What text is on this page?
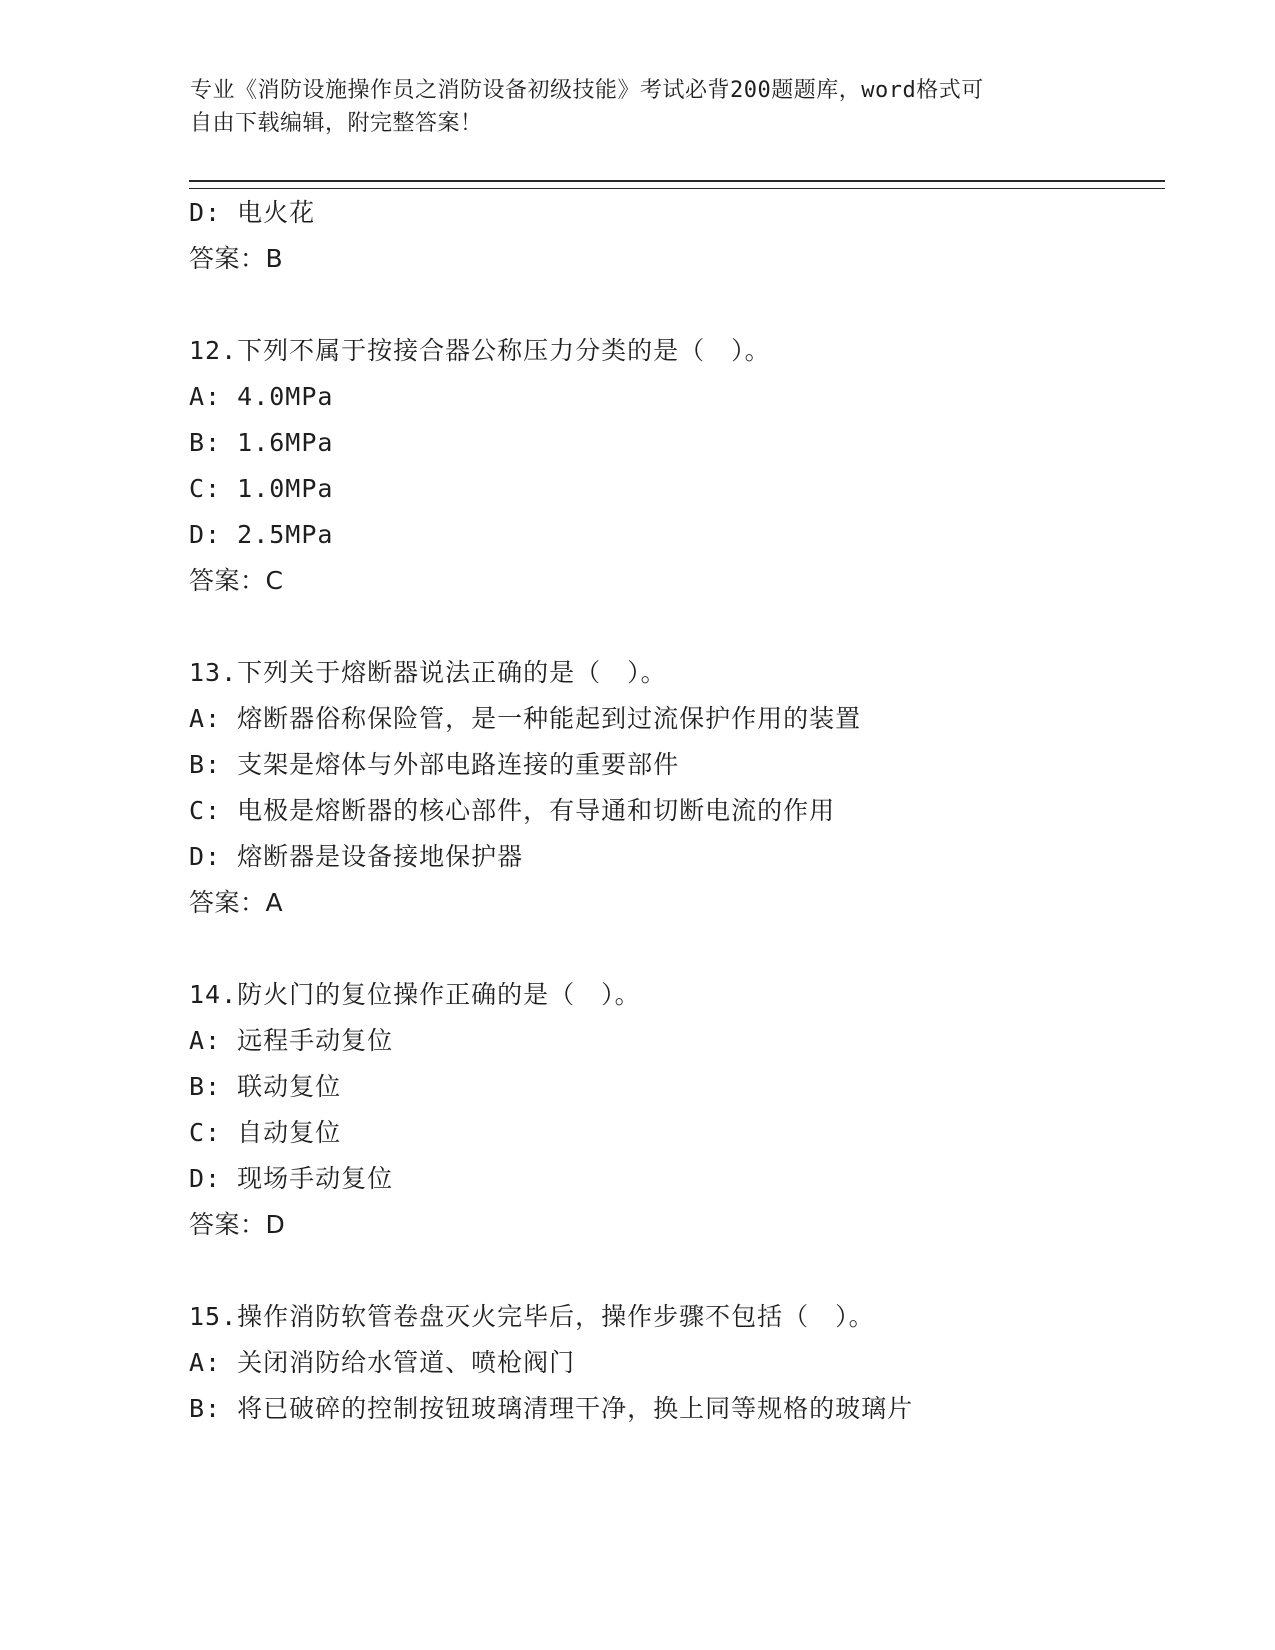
专业《消防设施操作员之消防设备初级技能》考试必背200题题库，word格式可
自由下载编辑，附完整答案！
D: 电火花
答案：B
12.下列不属于按接合器公称压力分类的是（　）。
A: 4.0MPa
B: 1.6MPa
C: 1.0MPa
D: 2.5MPa
答案：C
13.下列关于熔断器说法正确的是（　）。
A: 熔断器俗称保险管，是一种能起到过流保护作用的装置
B: 支架是熔体与外部电路连接的重要部件
C: 电极是熔断器的核心部件，有导通和切断电流的作用
D: 熔断器是设备接地保护器
答案：A
14.防火门的复位操作正确的是（　）。
A: 远程手动复位
B: 联动复位
C: 自动复位
D: 现场手动复位
答案：D
15.操作消防软管卷盘灭火完毕后，操作步骤不包括（　）。
A: 关闭消防给水管道、喷枪阀门
B: 将已破碎的控制按钮玻璃清理干净，换上同等规格的玻璃片
